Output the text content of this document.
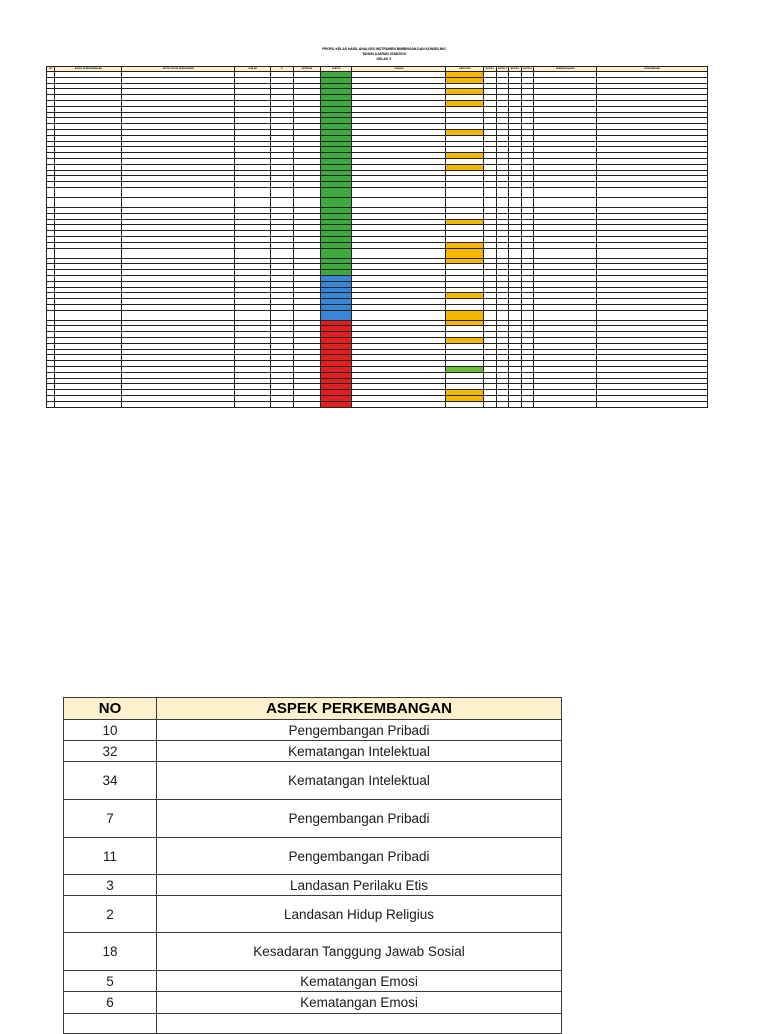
PROFIL KELAS HASIL ANALISIS INSTRUMEN BIMBINGAN DAN KONSELING
TAHUN AJARAN 2018/2019
KELAS X
NO	ASPEK PERKEMBANGAN	BUTIR / BUTIR PERNYATAAN	JUMLAH	%	KRITERIA	STATUS	KONDISI	KATEGORI	BUTIR 1	BUTIR 2	BUTIR 3	BUTIR 4	PERMASALAHAN	KETERANGAN

NO	ASPEK PERKEMBANGAN
10	Pengembangan Pribadi
32	Kematangan Intelektual
34	Kematangan Intelektual
7	Pengembangan Pribadi
11	Pengembangan Pribadi
3	Landasan Perilaku Etis
2	Landasan Hidup Religius
18	Kesadaran Tanggung Jawab Sosial
5	Kematangan Emosi
6	Kematangan Emosi
